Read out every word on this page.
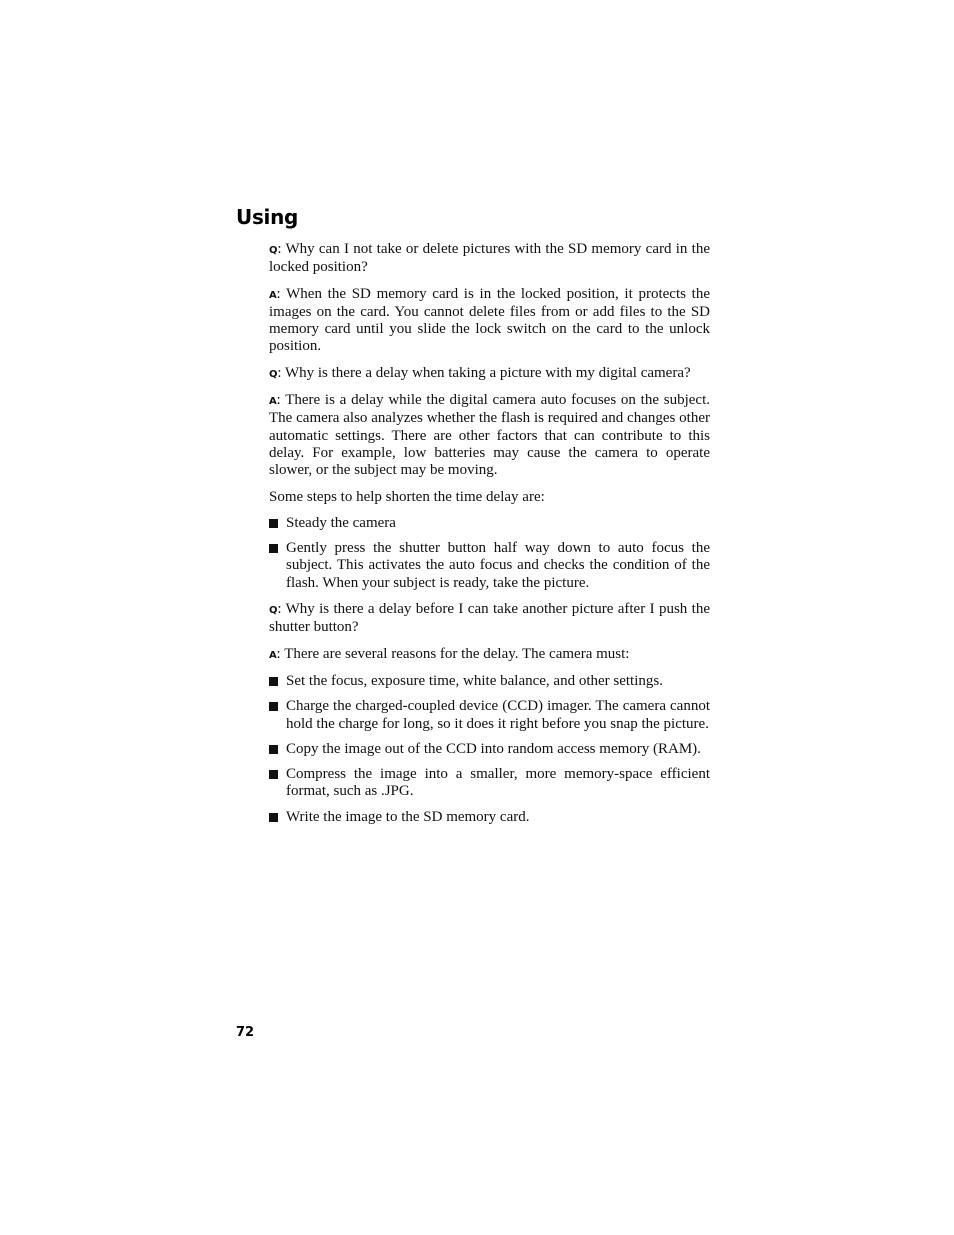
Using

Q: Why can I not take or delete pictures with the SD memory card in the locked position?

A: When the SD memory card is in the locked position, it protects the images on the card. You cannot delete files from or add files to the SD memory card until you slide the lock switch on the card to the unlock position.

Q: Why is there a delay when taking a picture with my digital camera?

A: There is a delay while the digital camera auto focuses on the subject. The camera also analyzes whether the flash is required and changes other automatic settings. There are other factors that can contribute to this delay. For example, low batteries may cause the camera to operate slower, or the subject may be moving.

Some steps to help shorten the time delay are:

Steady the camera
Gently press the shutter button half way down to auto focus the subject. This activates the auto focus and checks the condition of the flash. When your subject is ready, take the picture.

Q: Why is there a delay before I can take another picture after I push the shutter button?

A: There are several reasons for the delay. The camera must:

Set the focus, exposure time, white balance, and other settings.
Charge the charged-coupled device (CCD) imager. The camera cannot hold the charge for long, so it does it right before you snap the picture.
Copy the image out of the CCD into random access memory (RAM).
Compress the image into a smaller, more memory-space efficient format, such as .JPG.
Write the image to the SD memory card.
72
